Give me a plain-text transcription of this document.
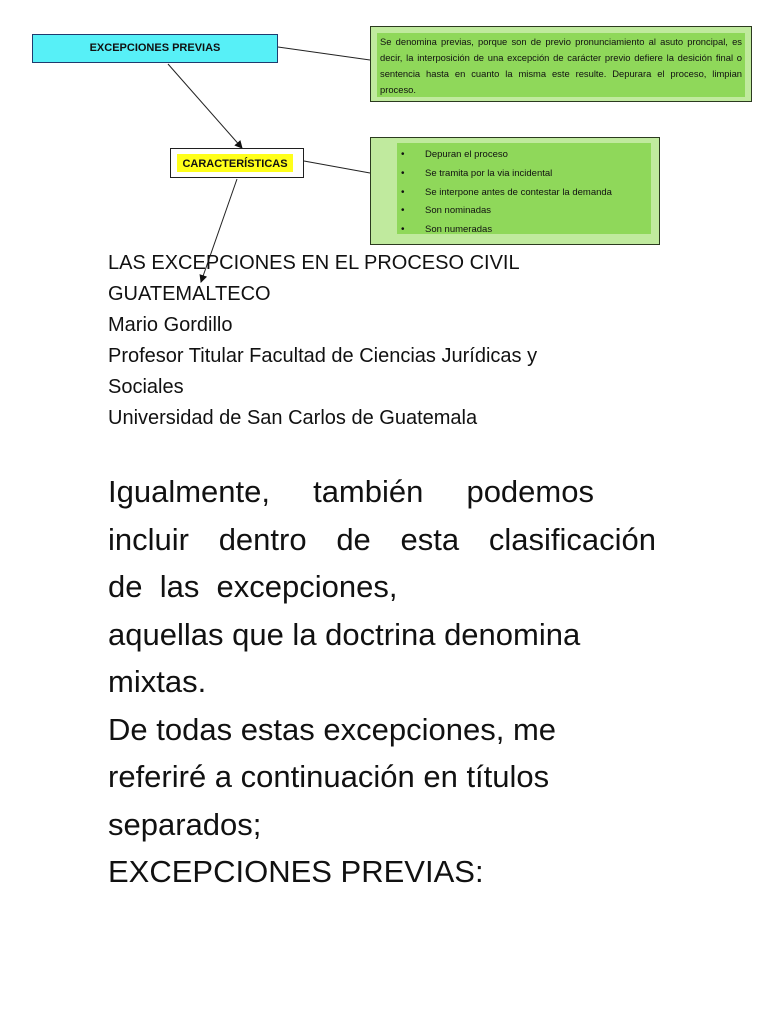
EXCEPCIONES PREVIAS
CARACTERÍSTICAS
Se denomina previas, porque son de previo pronunciamiento al asuto proncipal, es decir, la interposición de una excepción de carácter previo defiere la desición final o sentencia hasta en cuanto la misma este resulte. Depurara el proceso, limpian proceso.
• Depuran el proceso
• Se tramita por la via incidental
• Se interpone antes de contestar la demanda
• Son nominadas
• Son numeradas
LAS EXCEPCIONES EN EL PROCESO CIVIL
GUATEMALTECO
Mario Gordillo
Profesor Titular Facultad de Ciencias Jurídicas y
Sociales
Universidad de San Carlos de Guatemala
Igualmente, también podemos
incluir dentro de esta clasificación
de  las  excepciones,
aquellas que la doctrina denomina
mixtas.
De todas estas excepciones, me
referiré a continuación en títulos
separados;
EXCEPCIONES PREVIAS:
